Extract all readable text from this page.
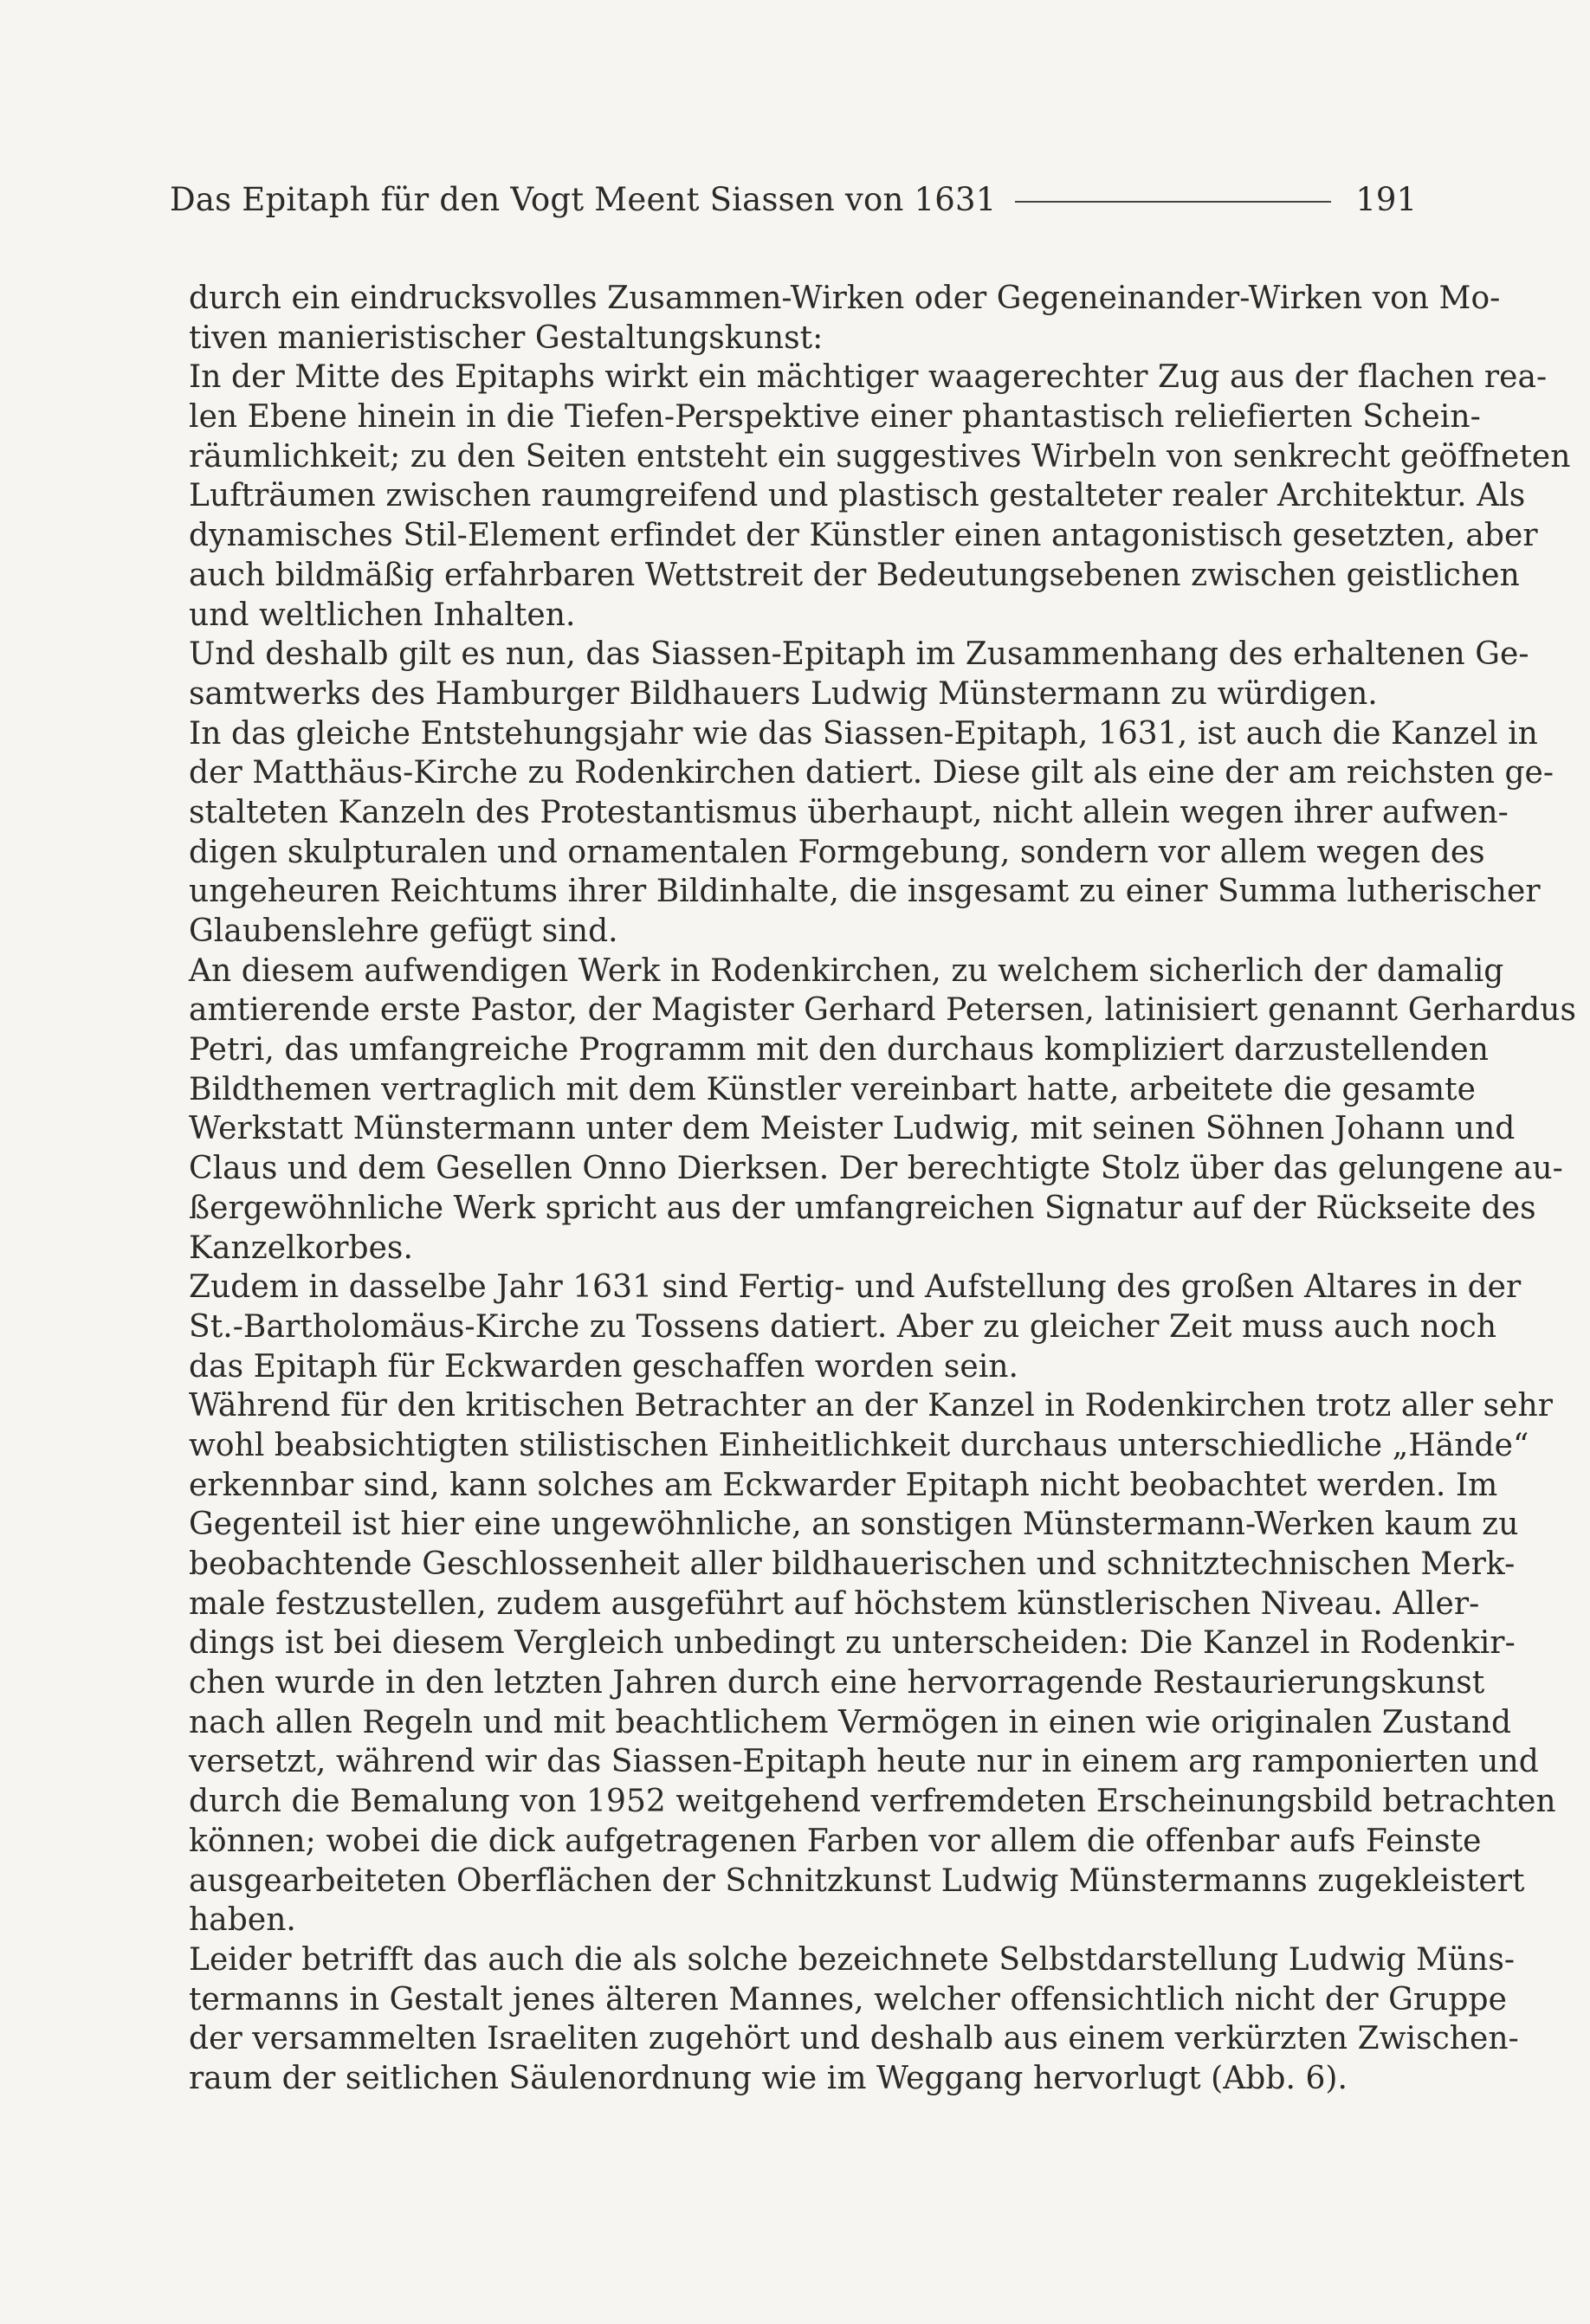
Das Epitaph für den Vogt Meent Siassen von 1631	191
durch ein eindrucksvolles Zusammen-Wirken oder Gegeneinander-Wirken von Mo-
tiven manieristischer Gestaltungskunst:
In der Mitte des Epitaphs wirkt ein mächtiger waagerechter Zug aus der flachen rea-
len Ebene hinein in die Tiefen-Perspektive einer phantastisch reliefierten Schein-
räumlichkeit; zu den Seiten entsteht ein suggestives Wirbeln von senkrecht geöffneten
Lufträumen zwischen raumgreifend und plastisch gestalteter realer Architektur. Als
dynamisches Stil-Element erfindet der Künstler einen antagonistisch gesetzten, aber
auch bildmäßig erfahrbaren Wettstreit der Bedeutungsebenen zwischen geistlichen
und weltlichen Inhalten.
Und deshalb gilt es nun, das Siassen-Epitaph im Zusammenhang des erhaltenen Ge-
samtwerks des Hamburger Bildhauers Ludwig Münstermann zu würdigen.
In das gleiche Entstehungsjahr wie das Siassen-Epitaph, 1631, ist auch die Kanzel in
der Matthäus-Kirche zu Rodenkirchen datiert. Diese gilt als eine der am reichsten ge-
stalteten Kanzeln des Protestantismus überhaupt, nicht allein wegen ihrer aufwen-
digen skulpturalen und ornamentalen Formgebung, sondern vor allem wegen des
ungeheuren Reichtums ihrer Bildinhalte, die insgesamt zu einer Summa lutherischer
Glaubenslehre gefügt sind.
An diesem aufwendigen Werk in Rodenkirchen, zu welchem sicherlich der damalig
amtierende erste Pastor, der Magister Gerhard Petersen, latinisiert genannt Gerhardus
Petri, das umfangreiche Programm mit den durchaus kompliziert darzustellenden
Bildthemen vertraglich mit dem Künstler vereinbart hatte, arbeitete die gesamte
Werkstatt Münstermann unter dem Meister Ludwig, mit seinen Söhnen Johann und
Claus und dem Gesellen Onno Dierksen. Der berechtigte Stolz über das gelungene au-
ßergewöhnliche Werk spricht aus der umfangreichen Signatur auf der Rückseite des
Kanzelkorbes.
Zudem in dasselbe Jahr 1631 sind Fertig- und Aufstellung des großen Altares in der
St.-Bartholomäus-Kirche zu Tossens datiert. Aber zu gleicher Zeit muss auch noch
das Epitaph für Eckwarden geschaffen worden sein.
Während für den kritischen Betrachter an der Kanzel in Rodenkirchen trotz aller sehr
wohl beabsichtigten stilistischen Einheitlichkeit durchaus unterschiedliche „Hände“
erkennbar sind, kann solches am Eckwarder Epitaph nicht beobachtet werden. Im
Gegenteil ist hier eine ungewöhnliche, an sonstigen Münstermann-Werken kaum zu
beobachtende Geschlossenheit aller bildhauerischen und schnitztechnischen Merk-
male festzustellen, zudem ausgeführt auf höchstem künstlerischen Niveau. Aller-
dings ist bei diesem Vergleich unbedingt zu unterscheiden: Die Kanzel in Rodenkir-
chen wurde in den letzten Jahren durch eine hervorragende Restaurierungskunst
nach allen Regeln und mit beachtlichem Vermögen in einen wie originalen Zustand
versetzt, während wir das Siassen-Epitaph heute nur in einem arg ramponierten und
durch die Bemalung von 1952 weitgehend verfremdeten Erscheinungsbild betrachten
können; wobei die dick aufgetragenen Farben vor allem die offenbar aufs Feinste
ausgearbeiteten Oberflächen der Schnitzkunst Ludwig Münstermanns zugekleistert
haben.
Leider betrifft das auch die als solche bezeichnete Selbstdarstellung Ludwig Müns-
termanns in Gestalt jenes älteren Mannes, welcher offensichtlich nicht der Gruppe
der versammelten Israeliten zugehört und deshalb aus einem verkürzten Zwischen-
raum der seitlichen Säulenordnung wie im Weggang hervorlugt (Abb. 6).
